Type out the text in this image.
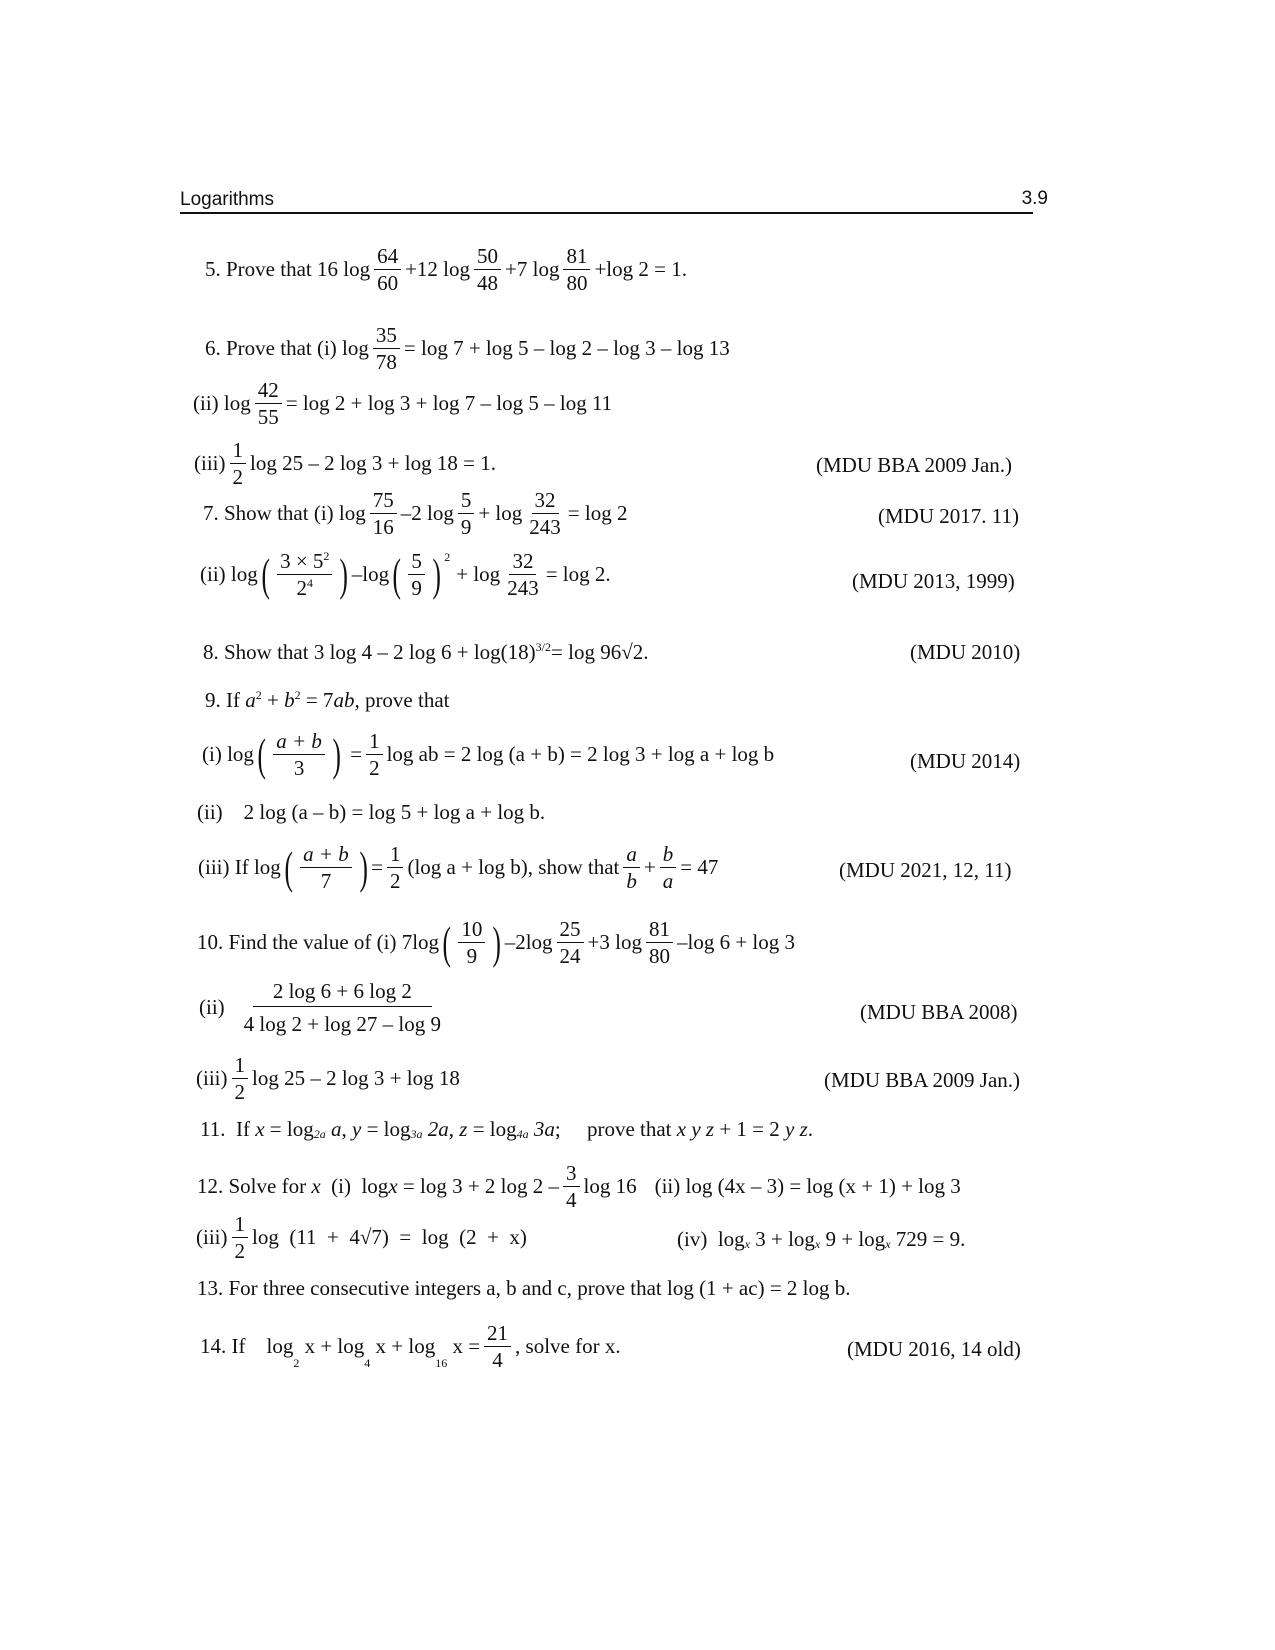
Logarithms	3.9
5. Prove that 16 $\log \frac{64}{60} +12$ $\log \frac{50}{48} +7$ $\log \frac{81}{80} +\log$ 2 = 1.
6. Prove that (i) $\log \frac{35}{78} = \log 7 + \log 5 - \log 2 - \log 3 - \log 13$
(ii) $\log \frac{42}{55} = \log 2 + \log 3 + \log 7 - \log 5 - \log 11$
$(iii) \frac{1}{2}$ log 25 – 2 log 3 + log 18 = 1.	(MDU BBA 2009 Jan.)
7. Show that (i) $\log \frac{75}{16} -2$ $\log \frac{5}{9} + \log \frac{32}{243} = \log 2$	(MDU 2017. 11)
(ii) log ( $\frac{3 \times 5^2}{2^4}$ ) –log ( $\frac{5}{9}$ ) $^2$
+ $\log \frac{32}{243} = \log 2$.	(MDU 2013, 1999)
8. Show that 3 log 4 – 2 $\log 6 + \log(18)^{3/2} = \log 96√2$.	(MDU 2010)
9. If $a^2 + b^2 = 7$ ab , prove that
(i) log ( $\frac{a + b}{3}$ ) = $\frac{1}{2}$ log ab = 2 log (a + b) = 2 log 3 + log a + log b	(MDU 2014)
(ii)    2 log (a – b) = log 5 + log a + log b.
(iii) If log ( $\frac{a + b}{7}$ ) = $\frac{1}{2} (\log$ a + log b), show that $\frac{a}{b} + \frac{b}{a} = 47$	(MDU 2021, 12, 11)
10. Find the value of (i) 7log ( $\frac{10}{9}$ ) $-2\log \frac{25}{24} +3$ $\log \frac{81}{80} -\log$ 6 + log 3
$(ii) \frac{2 \log 6 + 6 \log 2}{4 \log 2 + \log 27 - \log 9}$	(MDU BBA 2008)
$(iii) \frac{1}{2}$ log 25 – 2 log 3 + log 18	(MDU BBA 2009 Jan.)
11.  If x = log $_{2a}$ a , y = log $_{3a}$ 2a , z = log $_{4a}$ 3a ;     prove that x y z + 1 = 2 y z .
12. Solve for x (i)  log x = log 3 + 2 $\log 2 - \frac{3}{4}$ log 16 (ii) log (4x – 3) = log (x + 1) + log 3
$(iii) \frac{1}{2}$ log  (11  +  4√7)  =  log  (2  +  x)	(iv)  log $_x$ 3 + log $_x$ 9 + log $_x$ 729 = 9.
13. For three consecutive integers a, b and c, prove that log (1 + ac) = 2 log b.
14. If    log
$_2$
x + log
$_4$
x + log
$_{16}$
$x = \frac{21}{4}$ , solve for x.	(MDU 2016, 14 old)
